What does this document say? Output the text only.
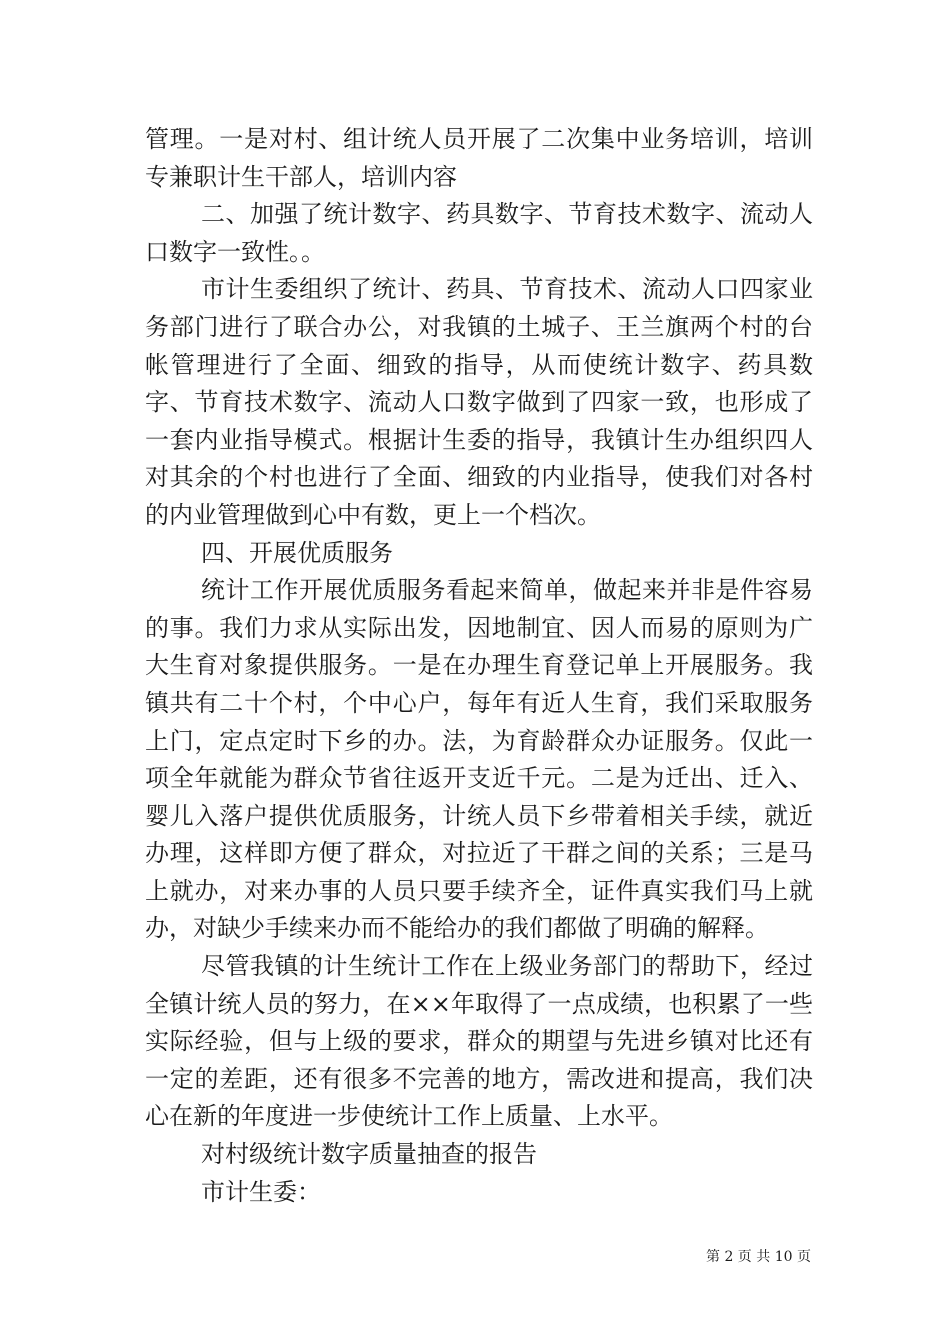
管理。一是对村、组计统人员开展了二次集中业务培训，培训专兼职计生干部人，培训内容

二、加强了统计数字、药具数字、节育技术数字、流动人口数字一致性。。

市计生委组织了统计、药具、节育技术、流动人口四家业务部门进行了联合办公，对我镇的土城子、王兰旗两个村的台帐管理进行了全面、细致的指导，从而使统计数字、药具数字、节育技术数字、流动人口数字做到了四家一致，也形成了一套内业指导模式。根据计生委的指导，我镇计生办组织四人对其余的个村也进行了全面、细致的内业指导，使我们对各村的内业管理做到心中有数，更上一个档次。

四、开展优质服务

统计工作开展优质服务看起来简单，做起来并非是件容易的事。我们力求从实际出发，因地制宜、因人而易的原则为广大生育对象提供服务。一是在办理生育登记单上开展服务。我镇共有二十个村，个中心户，每年有近人生育，我们采取服务上门，定点定时下乡的办。法，为育龄群众办证服务。仅此一项全年就能为群众节省往返开支近千元。二是为迁出、迁入、婴儿入落户提供优质服务，计统人员下乡带着相关手续，就近办理，这样即方便了群众，对拉近了干群之间的关系；三是马上就办，对来办事的人员只要手续齐全，证件真实我们马上就办，对缺少手续来办而不能给办的我们都做了明确的解释。

尽管我镇的计生统计工作在上级业务部门的帮助下，经过全镇计统人员的努力，在××年取得了一点成绩，也积累了一些实际经验，但与上级的要求，群众的期望与先进乡镇对比还有一定的差距，还有很多不完善的地方，需改进和提高，我们决心在新的年度进一步使统计工作上质量、上水平。

对村级统计数字质量抽查的报告

市计生委：

第 2 页 共 10 页
